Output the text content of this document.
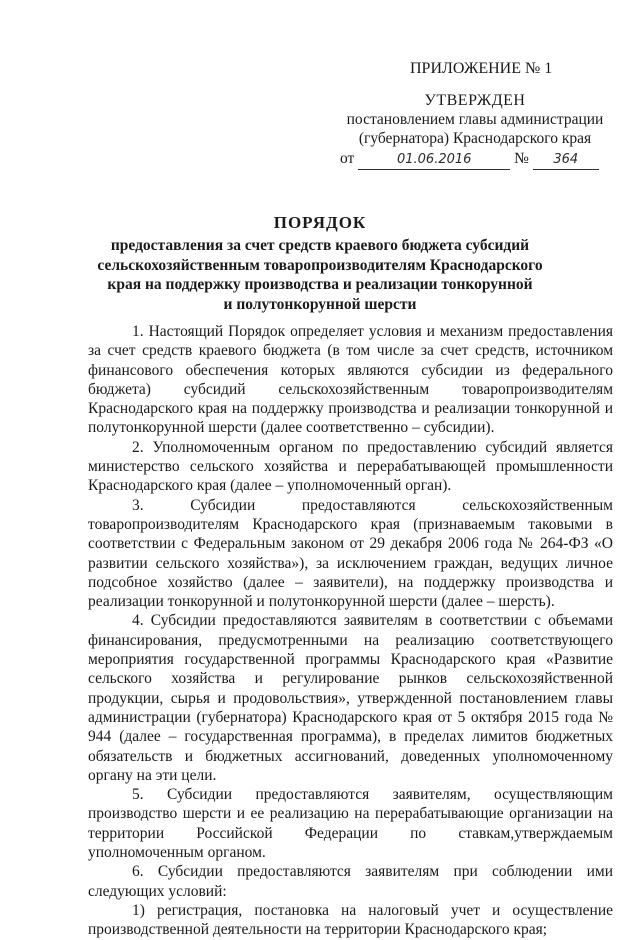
ПРИЛОЖЕНИЕ № 1
УТВЕРЖДЕН
постановлением главы администрации
(губернатора) Краснодарского края
от	01.06.2016	№ 364
ПОРЯДОК
предоставления за счет средств краевого бюджета субсидий
сельскохозяйственным товаропроизводителям Краснодарского
края на поддержку производства и реализации тонкорунной
и полутонкорунной шерсти

1. Настоящий Порядок определяет условия и механизм предоставления за счет средств краевого бюджета (в том числе за счет средств, источником финансового обеспечения которых являются субсидии из федерального бюджета) субсидий сельскохозяйственным товаропроизводителям Краснодарского края на поддержку производства и реализации тонкорунной и полутонкорунной шерсти (далее соответственно – субсидии).

2. Уполномоченным органом по предоставлению субсидий является министерство сельского хозяйства и перерабатывающей промышленности Краснодарского края (далее – уполномоченный орган).

3. Субсидии предоставляются сельскохозяйственным товаропроизводителям Краснодарского края (признаваемым таковыми в соответствии с Федеральным законом от 29 декабря 2006 года № 264-ФЗ «О развитии сельского хозяйства»), за исключением граждан, ведущих личное подсобное хозяйство (далее – заявители), на поддержку производства и реализации тонкорунной и полутонкорунной шерсти (далее – шерсть).

4. Субсидии предоставляются заявителям в соответствии с объемами финансирования, предусмотренными на реализацию соответствующего мероприятия государственной программы Краснодарского края «Развитие сельского хозяйства и регулирование рынков сельскохозяйственной продукции, сырья и продовольствия», утвержденной постановлением главы администрации (губернатора) Краснодарского края от 5 октября 2015 года № 944 (далее – государственная программа), в пределах лимитов бюджетных обязательств и бюджетных ассигнований, доведенных уполномоченному органу на эти цели.

5. Субсидии предоставляются заявителям, осуществляющим производство шерсти и ее реализацию на перерабатывающие организации на территории Российской Федерации по ставкам,утверждаемым уполномоченным органом.

6. Субсидии предоставляются заявителям при соблюдении ими следующих условий:

1) регистрация, постановка на налоговый учет и осуществление производственной деятельности на территории Краснодарского края;
